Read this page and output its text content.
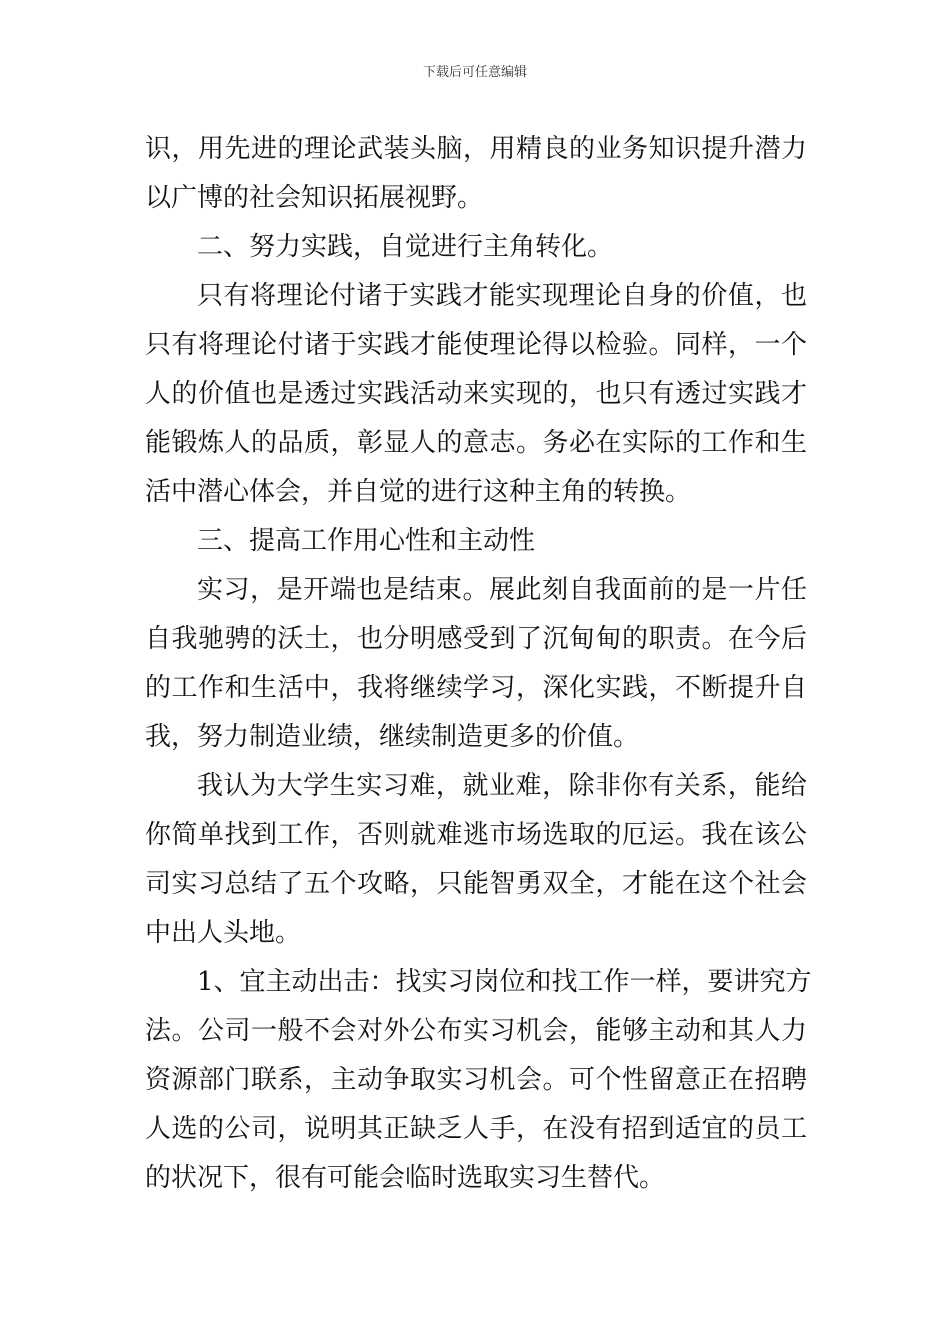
下载后可任意编辑
识，用先进的理论武装头脑，用精良的业务知识提升潜力
以广博的社会知识拓展视野。
二、努力实践，自觉进行主角转化。
只有将理论付诸于实践才能实现理论自身的价值，也
只有将理论付诸于实践才能使理论得以检验。同样，一个
人的价值也是透过实践活动来实现的，也只有透过实践才
能锻炼人的品质，彰显人的意志。务必在实际的工作和生
活中潜心体会，并自觉的进行这种主角的转换。
三、提高工作用心性和主动性
实习，是开端也是结束。展此刻自我面前的是一片任
自我驰骋的沃土，也分明感受到了沉甸甸的职责。在今后
的工作和生活中，我将继续学习，深化实践，不断提升自
我，努力制造业绩，继续制造更多的价值。
我认为大学生实习难，就业难，除非你有关系，能给
你简单找到工作，否则就难逃市场选取的厄运。我在该公
司实习总结了五个攻略，只能智勇双全，才能在这个社会
中出人头地。
1、宜主动出击：找实习岗位和找工作一样，要讲究方
法。公司一般不会对外公布实习机会，能够主动和其人力
资源部门联系，主动争取实习机会。可个性留意正在招聘
人选的公司，说明其正缺乏人手，在没有招到适宜的员工
的状况下，很有可能会临时选取实习生替代。
